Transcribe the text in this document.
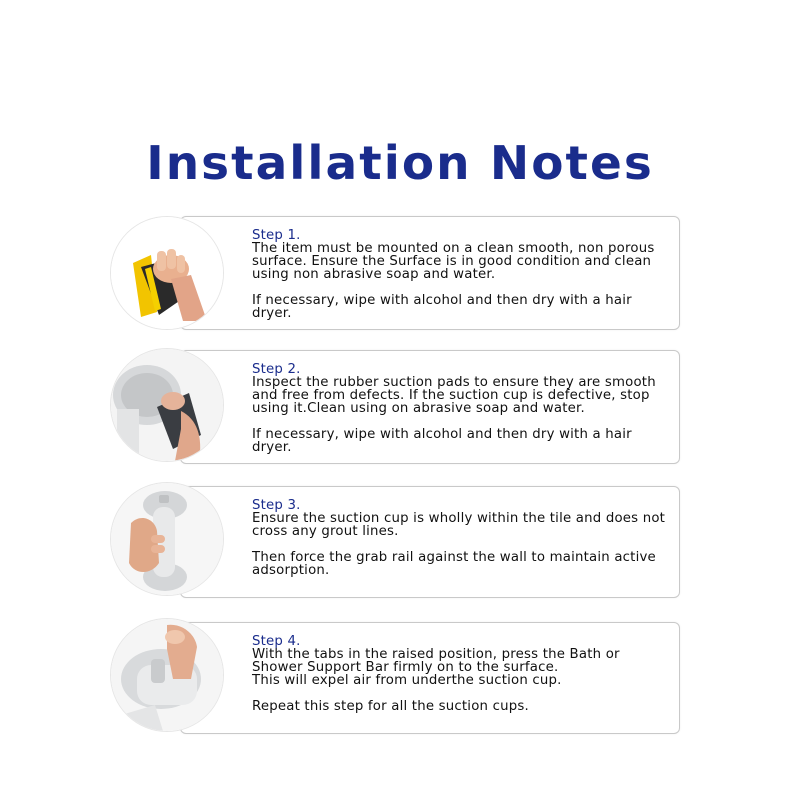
Installation Notes
Step 1.
The item must be mounted on a clean smooth, non porous
surface. Ensure the Surface is in good condition and clean
using non abrasive soap and water.
If necessary, wipe with alcohol and then dry with a hair
dryer.
Step 2.
Inspect the rubber suction pads to ensure they are smooth
and free from defects. If the suction cup is defective, stop
using it.Clean using on abrasive soap and water.
If necessary, wipe with alcohol and then dry with a hair
dryer.
Step 3.
Ensure the suction cup is wholly within the tile and does not
cross any grout lines.
Then force the grab rail against the wall to maintain active
adsorption.
Step 4.
With the tabs in the raised position, press the Bath or
Shower Support Bar firmly on to the surface.
This will expel air from underthe suction cup.
Repeat this step for all the suction cups.
